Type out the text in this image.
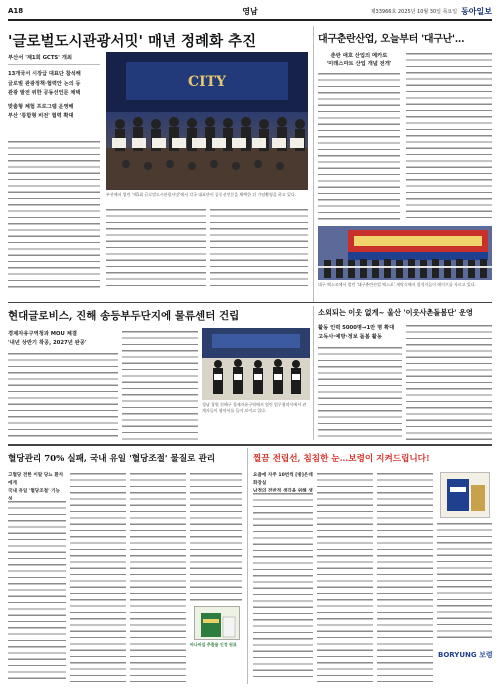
A18	영남	제33966호 2025년 10월 30일 목요일 동아일보
'글로벌도시관광서밋' 매년 정례화 추진
부산서 '제1회 GCTS' 개최
13개국서 시장급 대표단 참석해
글로벌 관광정책·협력안 논의 등
관광 발전 위한 공동선언문 채택
맞춤형 체험 프로그램 운영해
부산 '통합형 비전' 협력 확대
CITY
부산에서 열린 '제1회 글로벌도시관광서밋'에서 각국 대표단이 공동선언문을 채택한 뒤 기념촬영을 하고 있다.
대구춘란산업, 오늘부터 '대구난'...
춘란 애호 산업의 메카로
'미래스마트 산업 개념 전개'
대구 엑스코에서 열린 '대구춘란산업 엑스포' 개막식에서 참석자들이 테이프를 자르고 있다.
현대글로비스, 진해 송등부두단지에 물류센터 건립
경제자유구역청과 MOU 체결
'내년 상반기 착공, 2027년 완공'
경남 창원 진해구 경제자유구역에서 열린 업무협약식에서 관계자들이 협약서를 들어 보이고 있다.
소외되는 이웃 없게~ 울산 '이웃사촌돌봄단' 운영
활동 인력 5000명→1만 명 확대
고독사·예방·정보 돌봄 활동
혈당관리 70% 실패, 국내 유일 '혈당조절' 물질로 관리
고혈당 전한 이탈 당뇨 환자에게
국내 유일 '혈당조절' 기능
바나바잎 추출물 인정 원료
찔끔 전립선, 침침한 눈…보령이 지켜드립니다!
요즘에 자주 10번씩 [방]은데 화장실
BORYUNG 보령
